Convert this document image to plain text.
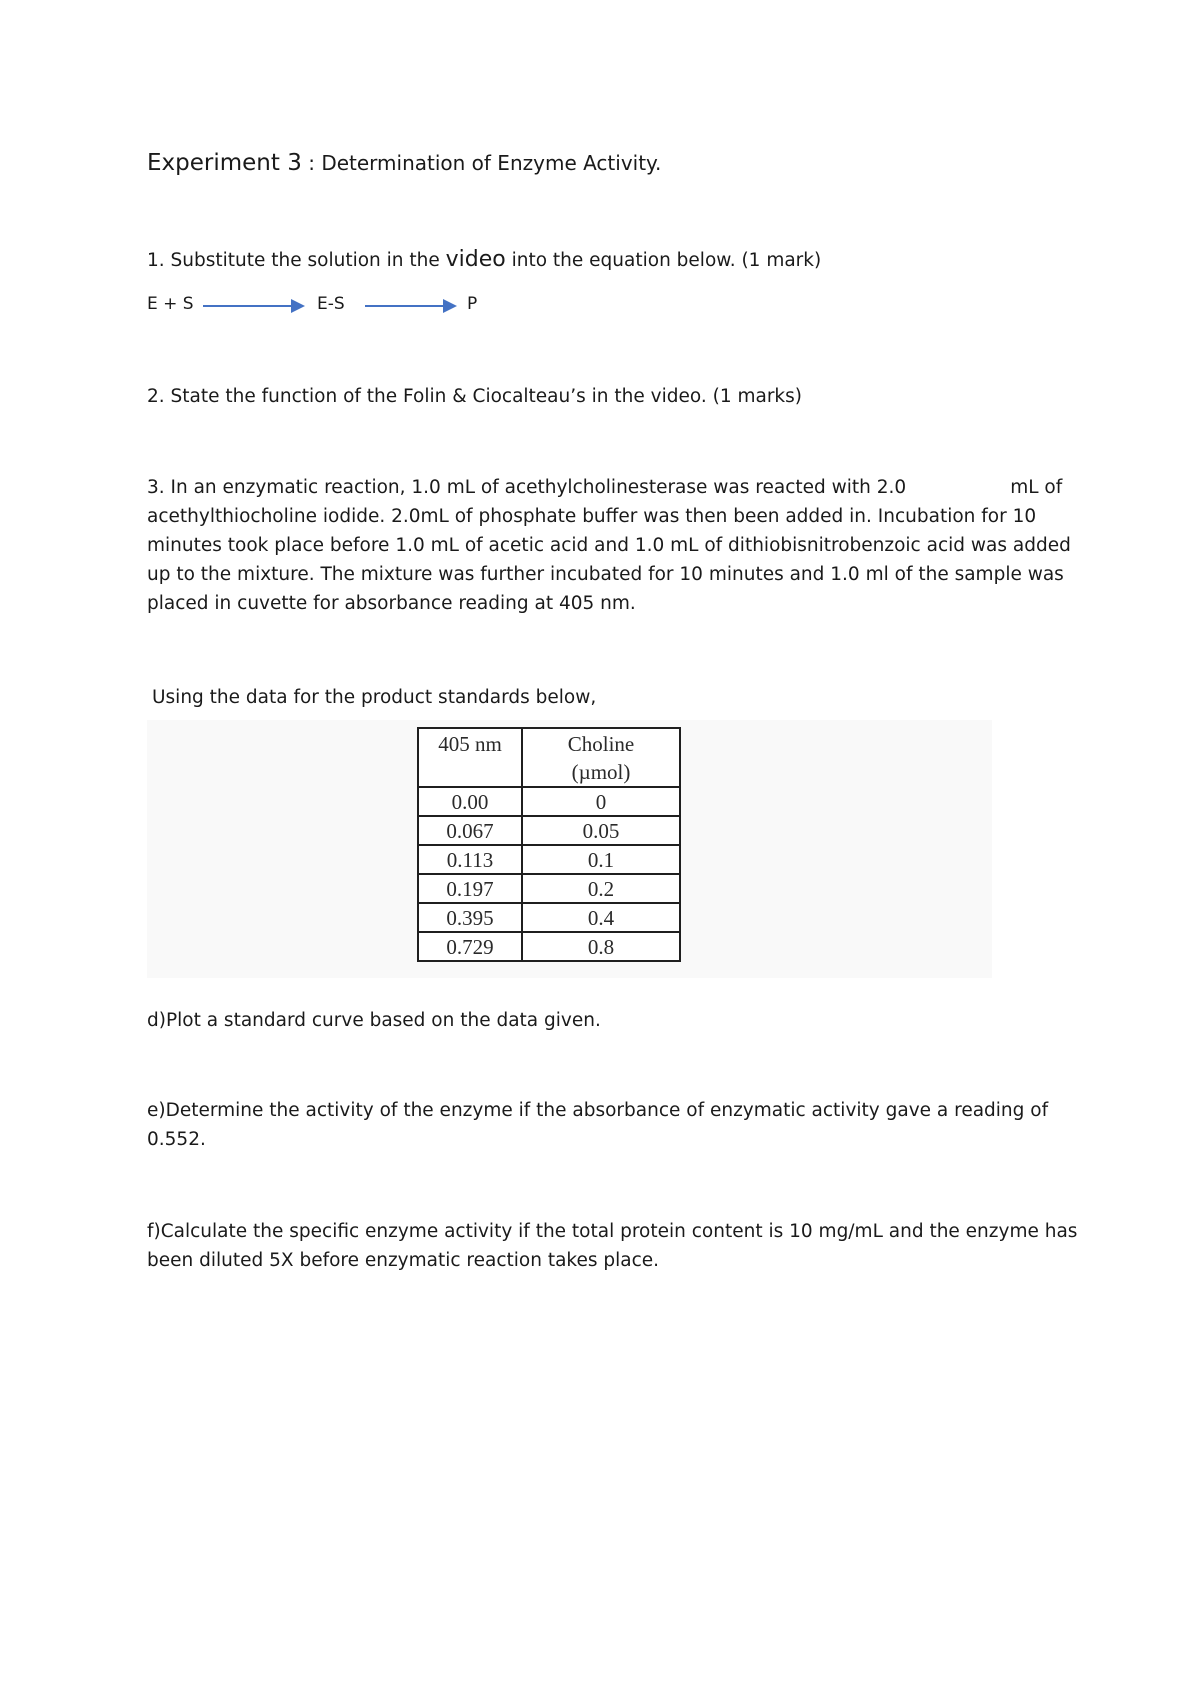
Experiment 3 : Determination of Enzyme Activity.
1. Substitute the solution in the video into the equation below. (1 mark)
E + S	E-S	P
2. State the function of the Folin & Ciocalteau’s in the video. (1 marks)
3. In an enzymatic reaction, 1.0 mL of acethylcholinesterase was reacted with 2.0	mL of
acethylthiocholine iodide. 2.0mL of phosphate buffer was then been added in. Incubation for 10
minutes took place before 1.0 mL of acetic acid and 1.0 mL of dithiobisnitrobenzoic acid was added
up to the mixture. The mixture was further incubated for 10 minutes and 1.0 ml of the sample was
placed in cuvette for absorbance reading at 405 nm.
Using the data for the product standards below,
405 nm	Choline
(µmol)
0.00	0
0.067	0.05
0.113	0.1
0.197	0.2
0.395	0.4
0.729	0.8
d)Plot a standard curve based on the data given.
e)Determine the activity of the enzyme if the absorbance of enzymatic activity gave a reading of
0.552.
f)Calculate the specific enzyme activity if the total protein content is 10 mg/mL and the enzyme has
been diluted 5X before enzymatic reaction takes place.
